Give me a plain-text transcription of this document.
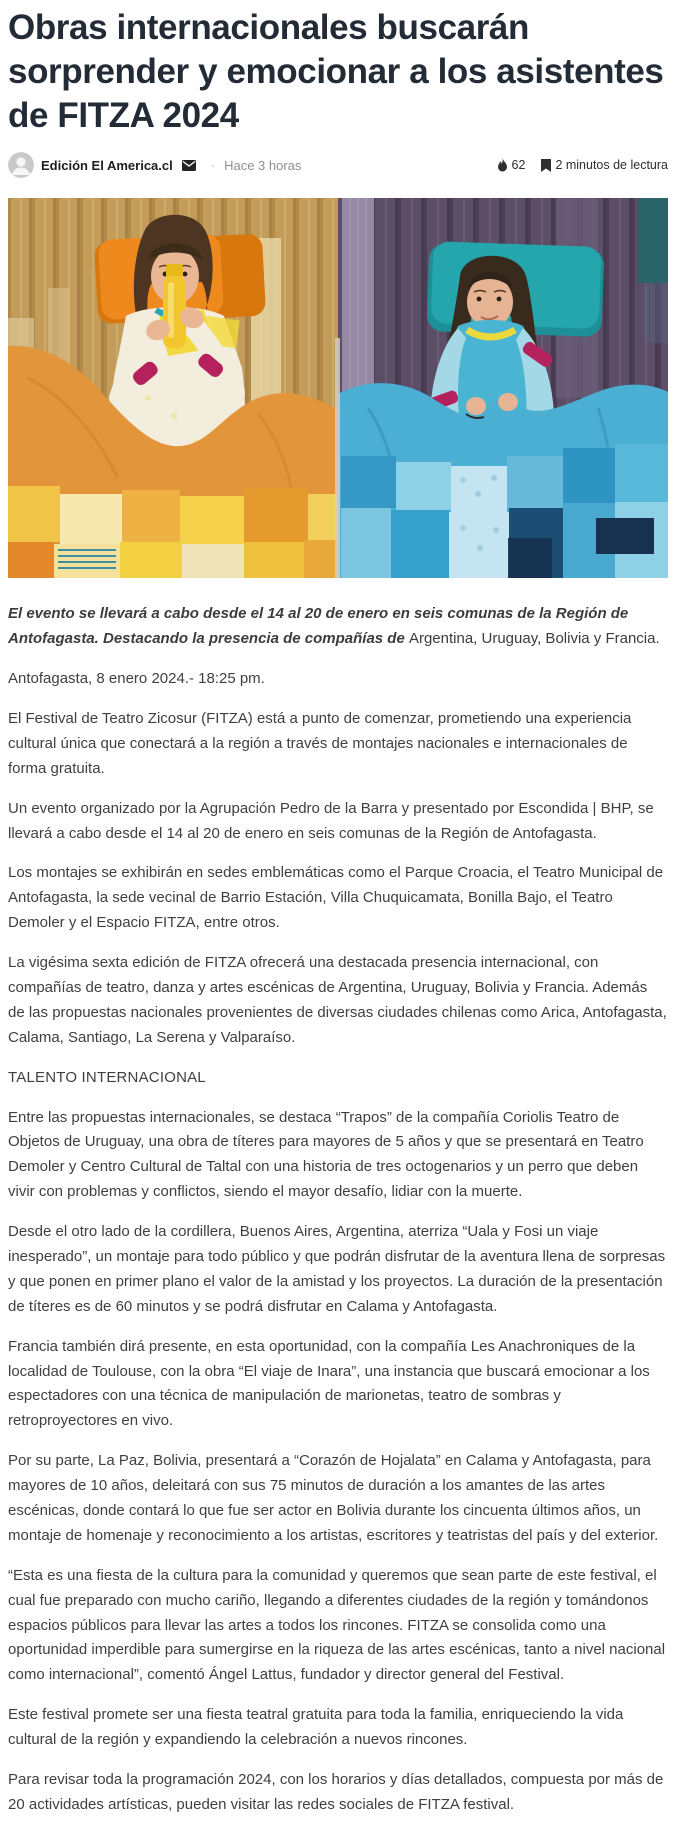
Obras internacionales buscarán sorprender y emocionar a los asistentes de FITZA 2024
Edición El America.cl	· Hace 3 horas	62 2 minutos de lectura

El evento se llevará a cabo desde el 14 al 20 de enero en seis comunas de la Región de Antofagasta. Destacando la presencia de compañías de Argentina, Uruguay, Bolivia y Francia.

Antofagasta, 8 enero 2024.- 18:25 pm.

El Festival de Teatro Zicosur (FITZA) está a punto de comenzar, prometiendo una experiencia cultural única que conectará a la región a través de montajes nacionales e internacionales de forma gratuita.

Un evento organizado por la Agrupación Pedro de la Barra y presentado por Escondida | BHP, se llevará a cabo desde el 14 al 20 de enero en seis comunas de la Región de Antofagasta.

Los montajes se exhibirán en sedes emblemáticas como el Parque Croacia, el Teatro Municipal de Antofagasta, la sede vecinal de Barrio Estación, Villa Chuquicamata, Bonilla Bajo, el Teatro Demoler y el Espacio FITZA, entre otros.

La vigésima sexta edición de FITZA ofrecerá una destacada presencia internacional, con compañías de teatro, danza y artes escénicas de Argentina, Uruguay, Bolivia y Francia. Además de las propuestas nacionales provenientes de diversas ciudades chilenas como Arica, Antofagasta, Calama, Santiago, La Serena y Valparaíso.

TALENTO INTERNACIONAL

Entre las propuestas internacionales, se destaca “Trapos” de la compañía Coriolis Teatro de Objetos de Uruguay, una obra de títeres para mayores de 5 años y que se presentará en Teatro Demoler y Centro Cultural de Taltal con una historia de tres octogenarios y un perro que deben vivir con problemas y conflictos, siendo el mayor desafío, lidiar con la muerte.

Desde el otro lado de la cordillera, Buenos Aires, Argentina, aterriza “Uala y Fosi un viaje inesperado”, un montaje para todo público y que podrán disfrutar de la aventura llena de sorpresas y que ponen en primer plano el valor de la amistad y los proyectos. La duración de la presentación de títeres es de 60 minutos y se podrá disfrutar en Calama y Antofagasta.

Francia también dirá presente, en esta oportunidad, con la compañía Les Anachroniques de la localidad de Toulouse, con la obra “El viaje de Inara”, una instancia que buscará emocionar a los espectadores con una técnica de manipulación de marionetas, teatro de sombras y retroproyectores en vivo.

Por su parte, La Paz, Bolivia, presentará a “Corazón de Hojalata” en Calama y Antofagasta, para mayores de 10 años, deleitará con sus 75 minutos de duración a los amantes de las artes escénicas, donde contará lo que fue ser actor en Bolivia durante los cincuenta últimos años, un montaje de homenaje y reconocimiento a los artistas, escritores y teatristas del país y del exterior.

“Esta es una fiesta de la cultura para la comunidad y queremos que sean parte de este festival, el cual fue preparado con mucho cariño, llegando a diferentes ciudades de la región y tomándonos espacios públicos para llevar las artes a todos los rincones. FITZA se consolida como una oportunidad imperdible para sumergirse en la riqueza de las artes escénicas, tanto a nivel nacional como internacional”, comentó Ángel Lattus, fundador y director general del Festival.

Este festival promete ser una fiesta teatral gratuita para toda la familia, enriqueciendo la vida cultural de la región y expandiendo la celebración a nuevos rincones.

Para revisar toda la programación 2024, con los horarios y días detallados, compuesta por más de 20 actividades artísticas, pueden visitar las redes sociales de FITZA festival.
